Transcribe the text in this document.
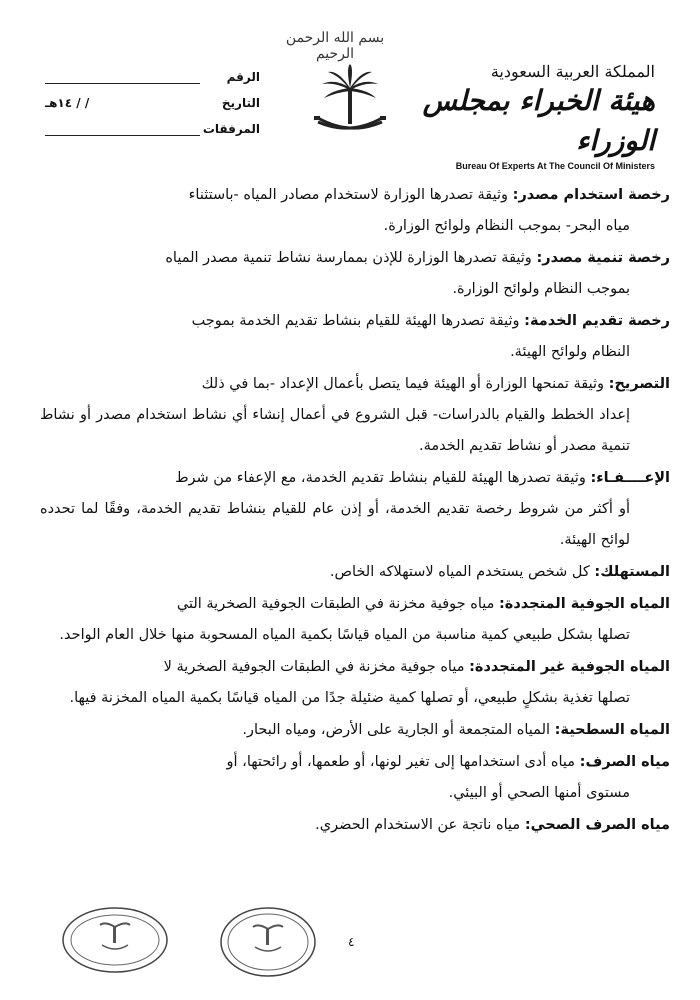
بسم الله الرحمن الرحيم
الرقم
التاريخ
/ / ١٤هـ
المرفقات
المملكة العربية السعودية
هيئة الخبراء بمجلس الوزراء
Bureau Of Experts At The Council Of Ministers
رخصة استخدام مصدر: وثيقة تصدرها الوزارة لاستخدام مصادر المياه -باستثناء
مياه البحر- بموجب النظام ولوائح الوزارة.
رخصة تنمية مصدر: وثيقة تصدرها الوزارة للإذن بممارسة نشاط تنمية مصدر المياه
بموجب النظام ولوائح الوزارة.
رخصة تقديم الخدمة: وثيقة تصدرها الهيئة للقيام بنشاط تقديم الخدمة بموجب
النظام ولوائح الهيئة.
التصريح: وثيقة تمنحها الوزارة أو الهيئة فيما يتصل بأعمال الإعداد -بما في ذلك
إعداد الخطط والقيام بالدراسات- قبل الشروع في أعمال إنشاء أي نشاط استخدام مصدر أو نشاط تنمية مصدر أو نشاط تقديم الخدمة.
الإعــــفـاء: وثيقة تصدرها الهيئة للقيام بنشاط تقديم الخدمة، مع الإعفاء من شرط
أو أكثر من شروط رخصة تقديم الخدمة، أو إذن عام للقيام بنشاط تقديم الخدمة، وفقًا لما تحدده لوائح الهيئة.
المستهلك: كل شخص يستخدم المياه لاستهلاكه الخاص.
المياه الجوفية المتجددة: مياه جوفية مخزنة في الطبقات الجوفية الصخرية التي
تصلها بشكل طبيعي كمية مناسبة من المياه قياسًا بكمية المياه المسحوبة منها خلال العام الواحد.
المياه الجوفية غير المتجددة: مياه جوفية مخزنة في الطبقات الجوفية الصخرية لا
تصلها تغذية بشكلٍ طبيعي، أو تصلها كمية ضئيلة جدًا من المياه قياسًا بكمية المياه المخزنة فيها.
المياه السطحية: المياه المتجمعة أو الجارية على الأرض، ومياه البحار.
مياه الصرف: مياه أدى استخدامها إلى تغير لونها، أو طعمها، أو رائحتها، أو
مستوى أمنها الصحي أو البيئي.
مياه الصرف الصحي: مياه ناتجة عن الاستخدام الحضري.
٤
